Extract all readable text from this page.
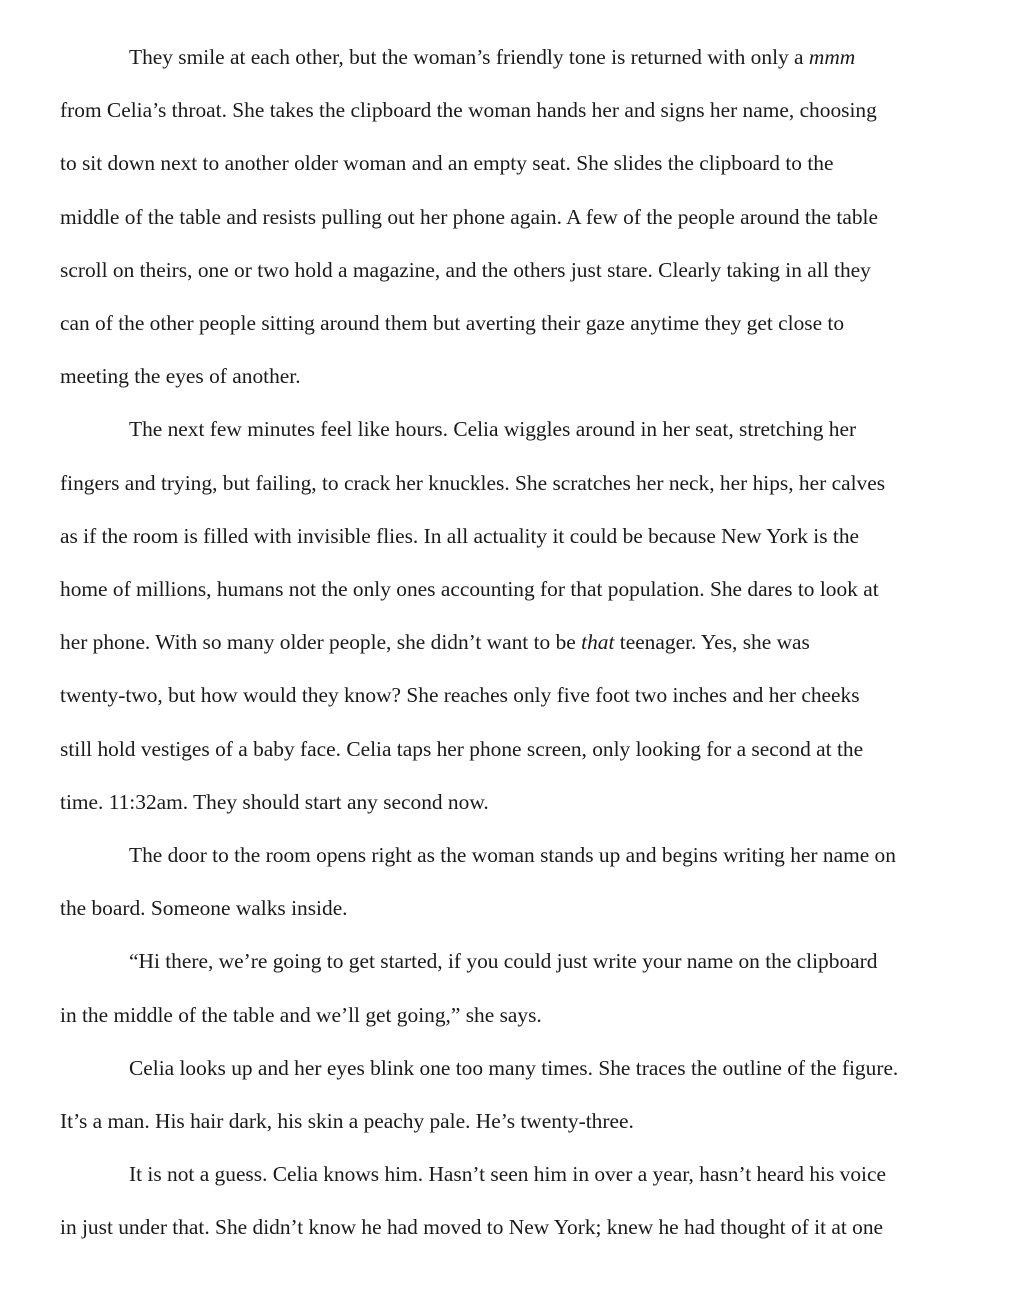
They smile at each other, but the woman’s friendly tone is returned with only a mmm
from Celia’s throat. She takes the clipboard the woman hands her and signs her name, choosing
to sit down next to another older woman and an empty seat. She slides the clipboard to the
middle of the table and resists pulling out her phone again. A few of the people around the table
scroll on theirs, one or two hold a magazine, and the others just stare. Clearly taking in all they
can of the other people sitting around them but averting their gaze anytime they get close to
meeting the eyes of another.
The next few minutes feel like hours. Celia wiggles around in her seat, stretching her
fingers and trying, but failing, to crack her knuckles. She scratches her neck, her hips, her calves
as if the room is filled with invisible flies. In all actuality it could be because New York is the
home of millions, humans not the only ones accounting for that population. She dares to look at
her phone. With so many older people, she didn’t want to be that teenager. Yes, she was
twenty-two, but how would they know? She reaches only five foot two inches and her cheeks
still hold vestiges of a baby face. Celia taps her phone screen, only looking for a second at the
time. 11:32am. They should start any second now.
The door to the room opens right as the woman stands up and begins writing her name on
the board. Someone walks inside.
“Hi there, we’re going to get started, if you could just write your name on the clipboard
in the middle of the table and we’ll get going,” she says.
Celia looks up and her eyes blink one too many times. She traces the outline of the figure.
It’s a man. His hair dark, his skin a peachy pale. He’s twenty-three.
It is not a guess. Celia knows him. Hasn’t seen him in over a year, hasn’t heard his voice
in just under that. She didn’t know he had moved to New York; knew he had thought of it at one
